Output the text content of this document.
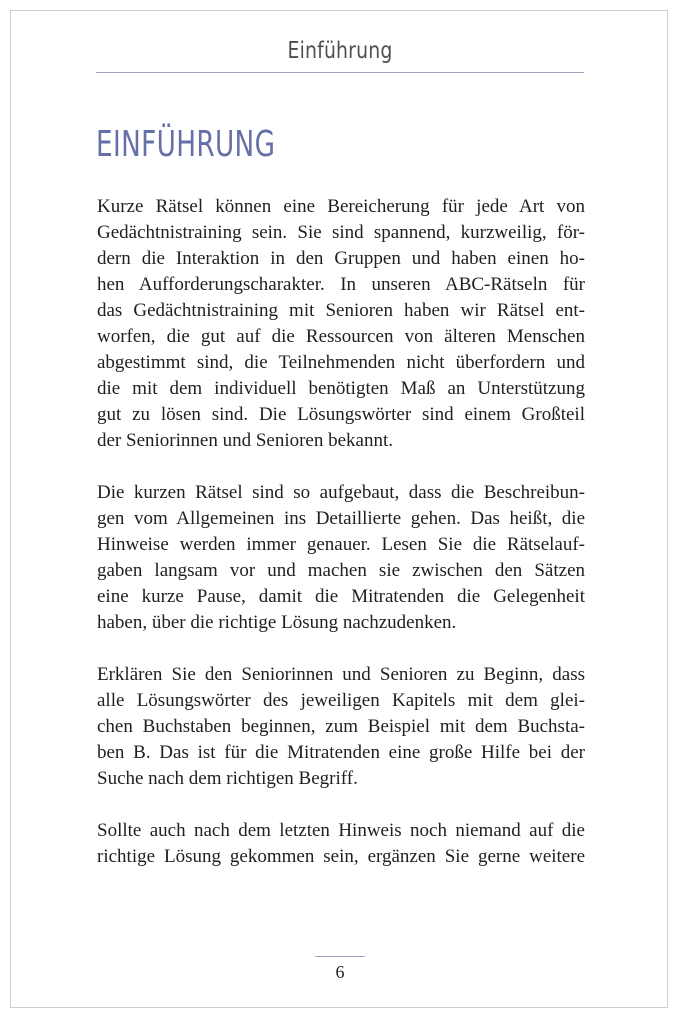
Einführung
EINFÜHRUNG

Kurze Rätsel können eine Bereicherung für jede Art von
Gedächtnistraining sein. Sie sind spannend, kurzweilig, för-
dern die Interaktion in den Gruppen und haben einen ho-
hen Aufforderungscharakter. In unseren ABC-Rätseln für
das Gedächtnistraining mit Senioren haben wir Rätsel ent-
worfen, die gut auf die Ressourcen von älteren Menschen
abgestimmt sind, die Teilnehmenden nicht überfordern und
die mit dem individuell benötigten Maß an Unterstützung
gut zu lösen sind. Die Lösungswörter sind einem Großteil
der Seniorinnen und Senioren bekannt.

Die kurzen Rätsel sind so aufgebaut, dass die Beschreibun-
gen vom Allgemeinen ins Detaillierte gehen. Das heißt, die
Hinweise werden immer genauer. Lesen Sie die Rätselauf-
gaben langsam vor und machen sie zwischen den Sätzen
eine kurze Pause, damit die Mitratenden die Gelegenheit
haben, über die richtige Lösung nachzudenken.

Erklären Sie den Seniorinnen und Senioren zu Beginn, dass
alle Lösungswörter des jeweiligen Kapitels mit dem glei-
chen Buchstaben beginnen, zum Beispiel mit dem Buchsta-
ben B. Das ist für die Mitratenden eine große Hilfe bei der
Suche nach dem richtigen Begriff.

Sollte auch nach dem letzten Hinweis noch niemand auf die
richtige Lösung gekommen sein, ergänzen Sie gerne weitere

6
